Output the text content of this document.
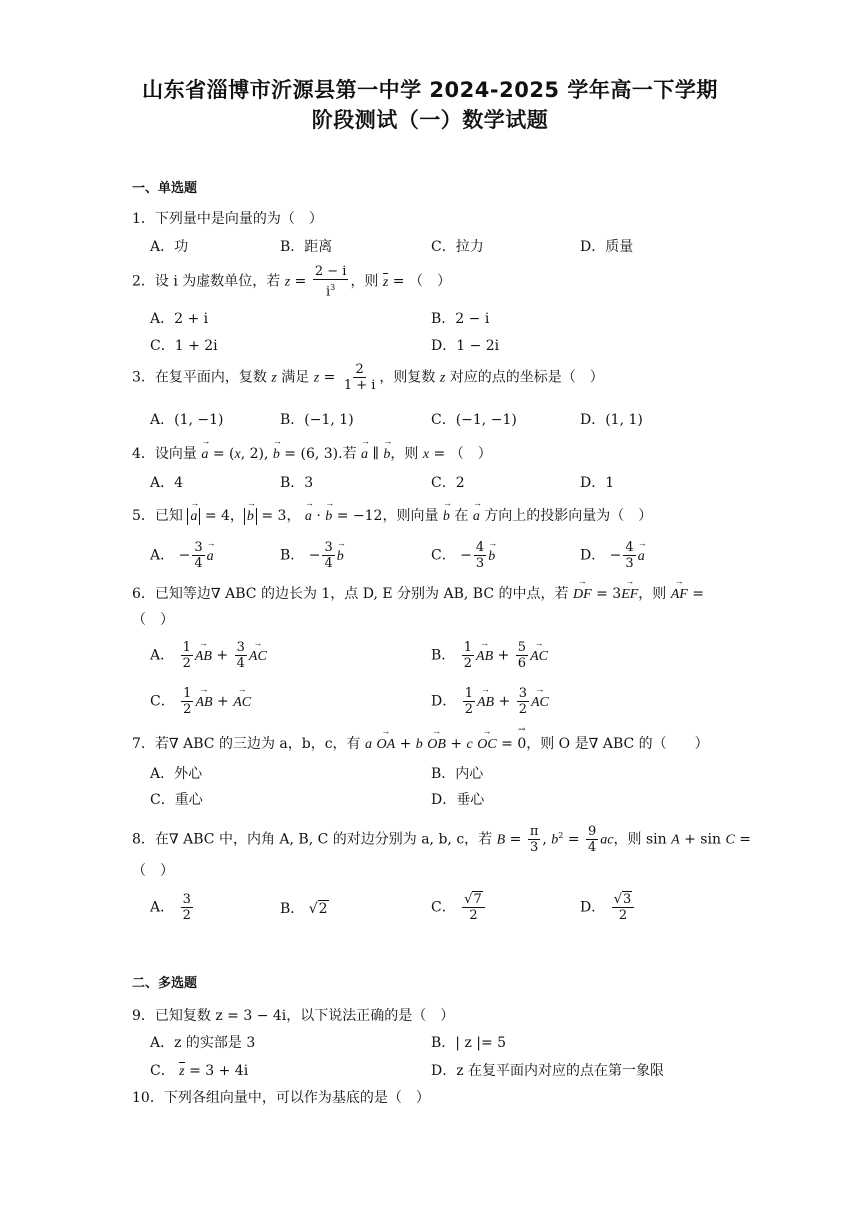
山东省淄博市沂源县第一中学 2024-2025 学年高一下学期
阶段测试（一）数学试题
一、单选题
1．下列量中是向量的为（　）
A．功	B．距离	C．拉力	D．质量
2．设 i 为虚数单位，若 $z = \frac{2 - i}{i^3}$ ，则 z = （　）
A．2 + i	B．2 − i
C．1 + 2i	D．1 − 2i
3．在复平面内，复数 z 满足 $z = \frac{2}{1 + i}$ ，则复数 z 对应的点的坐标是（　）
A．(1, −1)	B．(−1, 1)	C．(−1, −1)	D．(1, 1)
4．设向量 → a = (x, 2), → b = (6, 3).若 → a ∥ → b，则 x = （　）
A．4	B．3	C．2	D．1
5．已知 → a = 4，→ b = 3， → a · → b = −12，则向量 → b 在 → a 方向上的投影向量为（　）
A． − $\frac{3}{4}$
→ a	B． − $\frac{3}{4}$
→ b	C． − $\frac{4}{3}$
→ b	D． − $\frac{4}{3}$
→ a
6．已知等边∇ ABC 的边长为 1，点 D, E 分别为 AB, BC 的中点，若 → DF = 3→ EF，则 → AF =
（　）
A． $\frac{1}{2}$
→ AB + $\frac{3}{4}$
→ AC	B． $\frac{1}{2}$
→ AB + $\frac{5}{6}$
→ AC
C． $\frac{1}{2}$
→ AB + → AC	D． $\frac{1}{2}$
→ AB + $\frac{3}{2}$
→ AC
7．若∇ ABC 的三边为 a，b，c，有 a → OA + b → OB + c → OC = → 0，则 O 是∇ ABC 的（　　）
A．外心	B．内心
C．重心	D．垂心
8．在∇ ABC 中，内角 A, B, C 的对边分别为 a, b, c，若 $B = \frac{\pi}{3}$ , $b^2 = \frac{9}{4}$ ac，则 sin A + sin C =
（　）
A． $\frac{3}{2}$	B． √2	C． $\frac{√7}{2}$	D． $\frac{√3}{2}$
二、多选题
9．已知复数 z = 3 − 4i，以下说法正确的是（　）
A．z 的实部是 3	B．| z |= 5
C． z = 3 + 4i	D．z 在复平面内对应的点在第一象限
10．下列各组向量中，可以作为基底的是（　）
